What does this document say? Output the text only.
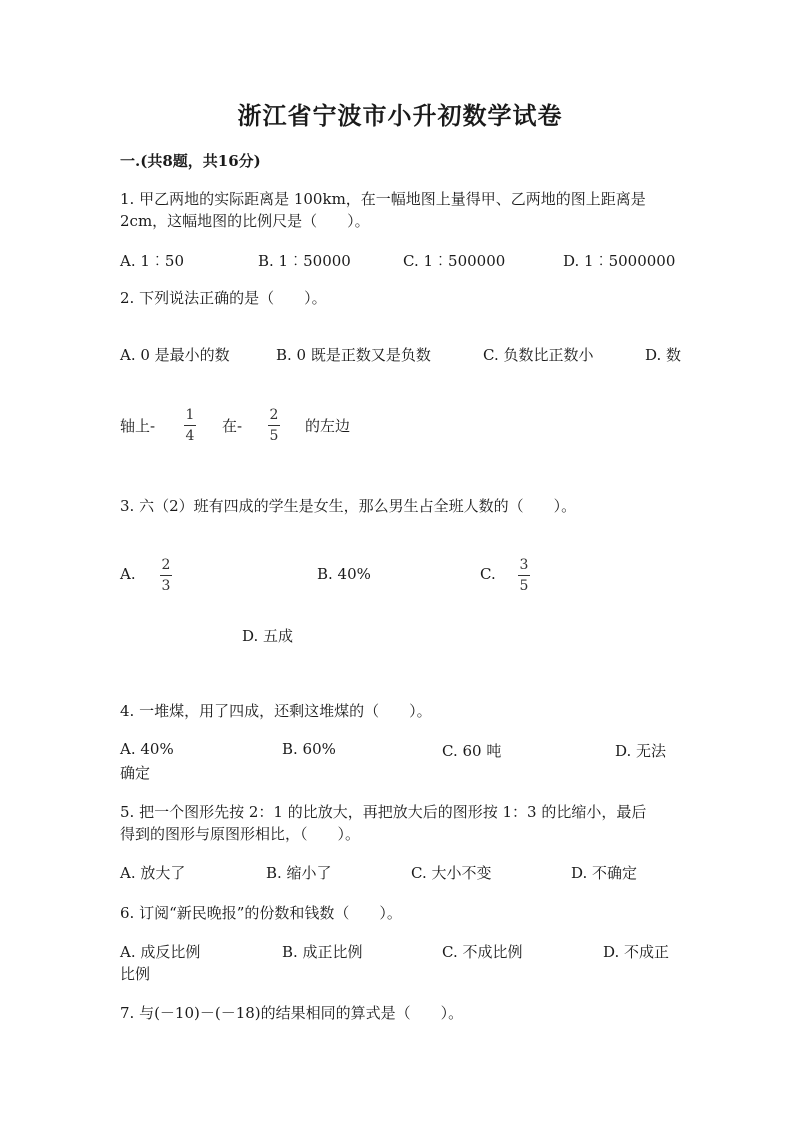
浙江省宁波市小升初数学试卷
一.(共8题，共16分)
1. 甲乙两地的实际距离是 100km，在一幅地图上量得甲、乙两地的图上距离是
2cm，这幅地图的比例尺是（　　）。
A. 1︰50	B. 1︰50000	C. 1︰500000	D. 1︰5000000
2. 下列说法正确的是（　　）。
A. 0 是最小的数	B. 0 既是正数又是负数	C. 负数比正数小	D. 数
轴上-
1
4
在-
2
5
的左边
3. 六（2）班有四成的学生是女生，那么男生占全班人数的（　　）。
A. 2
3
B. 40%	C. 3
5
D. 五成
4. 一堆煤，用了四成，还剩这堆煤的（　　）。
A. 40%	B. 60%	C. 60 吨	D. 无法
确定
5. 把一个图形先按 2：1 的比放大，再把放大后的图形按 1：3 的比缩小，最后
得到的图形与原图形相比，（　　）。
A. 放大了	B. 缩小了	C. 大小不变	D. 不确定
6. 订阅“新民晚报”的份数和钱数（　　）。
A. 成反比例	B. 成正比例	C. 不成比例	D. 不成正
比例
7. 与(－10)－(－18)的结果相同的算式是（　　）。
